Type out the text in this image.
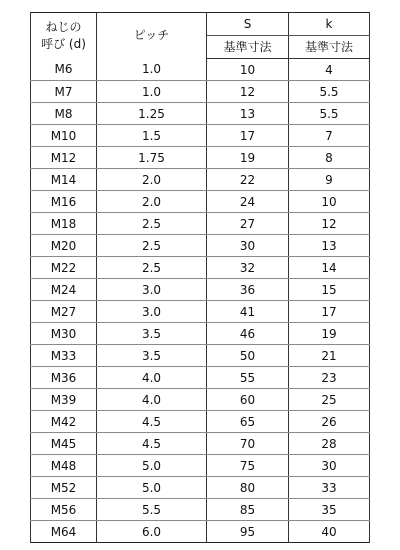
ねじの
呼び (d)	ピッチ	S	k
		基準寸法	基準寸法
M6	1.0	10	4
M7	1.0	12	5.5
M8	1.25	13	5.5
M10	1.5	17	7
M12	1.75	19	8
M14	2.0	22	9
M16	2.0	24	10
M18	2.5	27	12
M20	2.5	30	13
M22	2.5	32	14
M24	3.0	36	15
M27	3.0	41	17
M30	3.5	46	19
M33	3.5	50	21
M36	4.0	55	23
M39	4.0	60	25
M42	4.5	65	26
M45	4.5	70	28
M48	5.0	75	30
M52	5.0	80	33
M56	5.5	85	35
M64	6.0	95	40
